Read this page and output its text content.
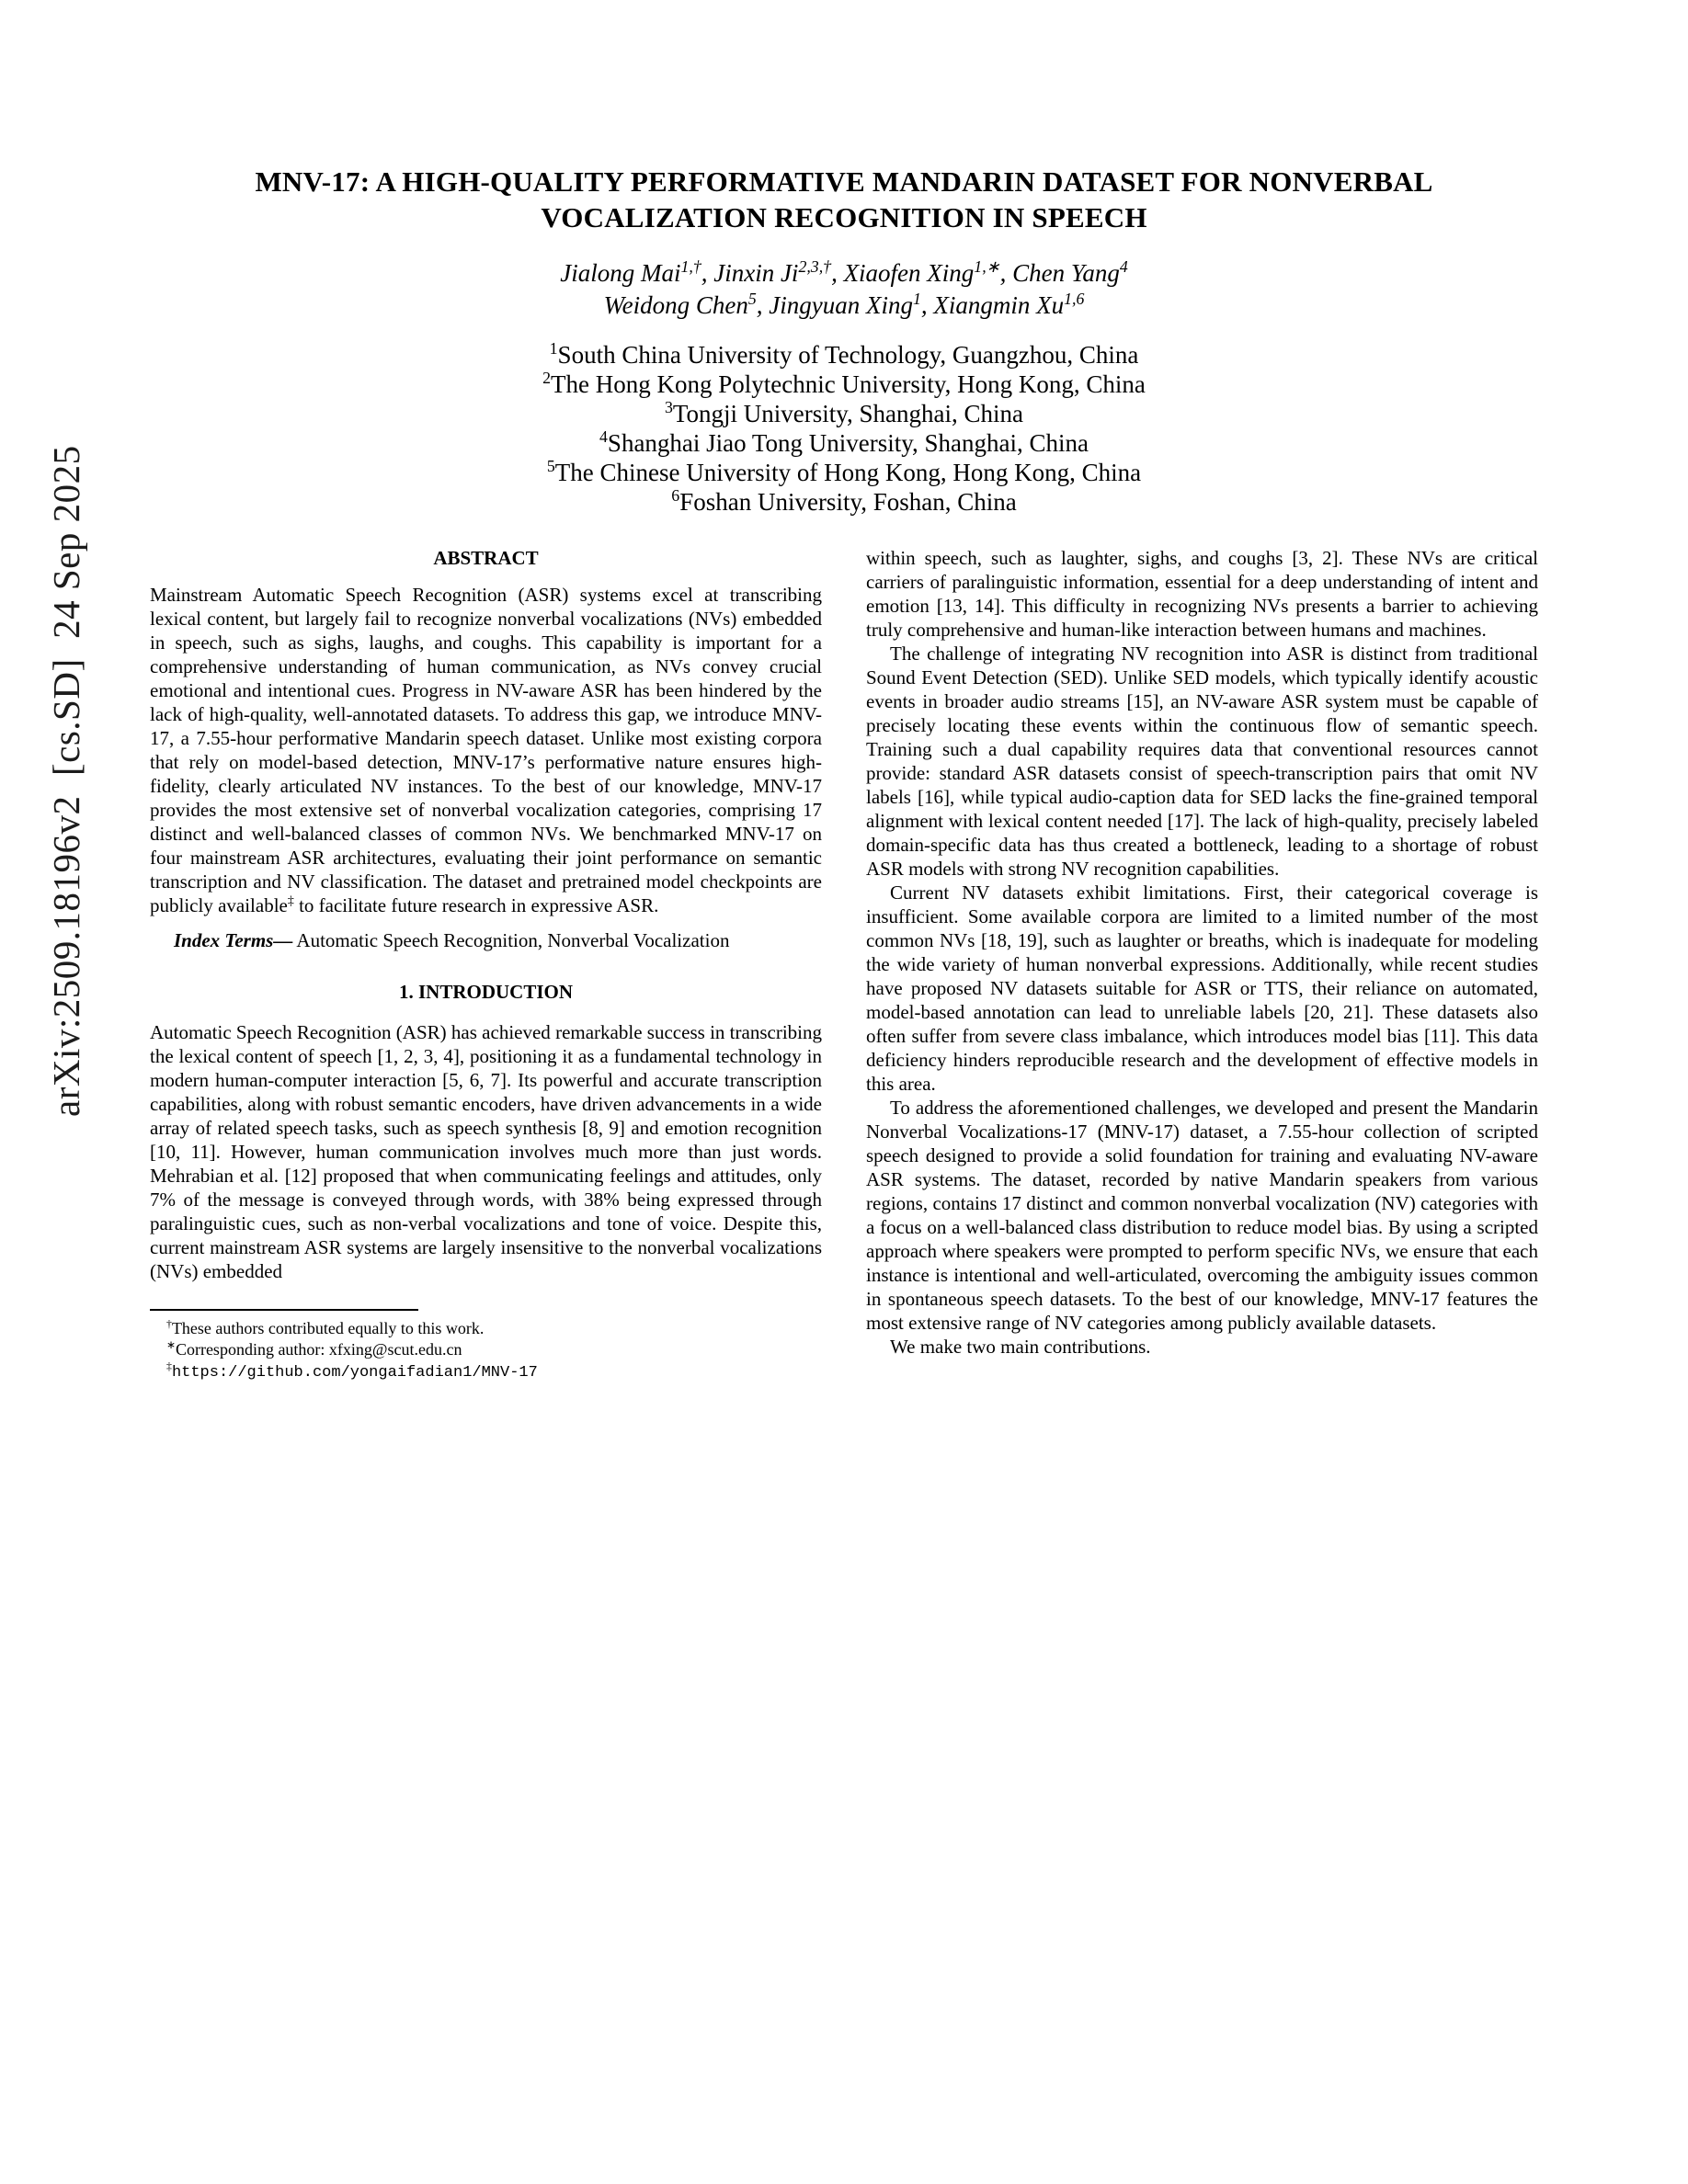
arXiv:2509.18196v2  [cs.SD]  24 Sep 2025
MNV-17: A HIGH-QUALITY PERFORMATIVE MANDARIN DATASET FOR NONVERBAL
VOCALIZATION RECOGNITION IN SPEECH
Jialong Mai$^{1,\dagger}$, Jinxin $Ji^{2,3,\dagger}$, Xiaofen Xing$^{1,∗}$, Chen Yang$^4$
Weidong Chen$^5$, Jingyuan Xing$^1$, Xiangmin Xu$^{1,6}$
$^1$South China University of Technology, Guangzhou, China
$^2$The Hong Kong Polytechnic University, Hong Kong, China
$^3$Tongji University, Shanghai, China
$^4$Shanghai Jiao Tong University, Shanghai, China
$^5$The Chinese University of Hong Kong, Hong Kong, China
$^6$Foshan University, Foshan, China
ABSTRACT

Mainstream Automatic Speech Recognition (ASR) systems excel at transcribing lexical content, but largely fail to recognize nonverbal vocalizations (NVs) embedded in speech, such as sighs, laughs, and coughs. This capability is important for a comprehensive understanding of human communication, as NVs convey crucial emotional and intentional cues. Progress in NV-aware ASR has been hindered by the lack of high-quality, well-annotated datasets. To address this gap, we introduce MNV-17, a 7.55-hour performative Mandarin speech dataset. Unlike most existing corpora that rely on model-based detection, MNV-17’s performative nature ensures high-fidelity, clearly articulated NV instances. To the best of our knowledge, MNV-17 provides the most extensive set of nonverbal vocalization categories, comprising 17 distinct and well-balanced classes of common NVs. We benchmarked MNV-17 on four mainstream ASR architectures, evaluating their joint performance on semantic transcription and NV classification. The dataset and pretrained model checkpoints are publicly available‡ to facilitate future research in expressive ASR.

Index Terms— Automatic Speech Recognition, Nonverbal Vocalization

1. INTRODUCTION

Automatic Speech Recognition (ASR) has achieved remarkable success in transcribing the lexical content of speech [1, 2, 3, 4], positioning it as a fundamental technology in modern human-computer interaction [5, 6, 7]. Its powerful and accurate transcription capabilities, along with robust semantic encoders, have driven advancements in a wide array of related speech tasks, such as speech synthesis [8, 9] and emotion recognition [10, 11]. However, human communication involves much more than just words. Mehrabian et al. [12] proposed that when communicating feelings and attitudes, only 7% of the message is conveyed through words, with 38% being expressed through paralinguistic cues, such as non-verbal vocalizations and tone of voice. Despite this, current mainstream ASR systems are largely insensitive to the nonverbal vocalizations (NVs) embedded

†These authors contributed equally to this work.

∗Corresponding author: xfxing@scut.edu.cn

‡https://github.com/yongaifadian1/MNV-17

within speech, such as laughter, sighs, and coughs [3, 2]. These NVs are critical carriers of paralinguistic information, essential for a deep understanding of intent and emotion [13, 14]. This difficulty in recognizing NVs presents a barrier to achieving truly comprehensive and human-like interaction between humans and machines.

The challenge of integrating NV recognition into ASR is distinct from traditional Sound Event Detection (SED). Unlike SED models, which typically identify acoustic events in broader audio streams [15], an NV-aware ASR system must be capable of precisely locating these events within the continuous flow of semantic speech. Training such a dual capability requires data that conventional resources cannot provide: standard ASR datasets consist of speech-transcription pairs that omit NV labels [16], while typical audio-caption data for SED lacks the fine-grained temporal alignment with lexical content needed [17]. The lack of high-quality, precisely labeled domain-specific data has thus created a bottleneck, leading to a shortage of robust ASR models with strong NV recognition capabilities.

Current NV datasets exhibit limitations. First, their categorical coverage is insufficient. Some available corpora are limited to a limited number of the most common NVs [18, 19], such as laughter or breaths, which is inadequate for modeling the wide variety of human nonverbal expressions. Additionally, while recent studies have proposed NV datasets suitable for ASR or TTS, their reliance on automated, model-based annotation can lead to unreliable labels [20, 21]. These datasets also often suffer from severe class imbalance, which introduces model bias [11]. This data deficiency hinders reproducible research and the development of effective models in this area.

To address the aforementioned challenges, we developed and present the Mandarin Nonverbal Vocalizations-17 (MNV-17) dataset, a 7.55-hour collection of scripted speech designed to provide a solid foundation for training and evaluating NV-aware ASR systems. The dataset, recorded by native Mandarin speakers from various regions, contains 17 distinct and common nonverbal vocalization (NV) categories with a focus on a well-balanced class distribution to reduce model bias. By using a scripted approach where speakers were prompted to perform specific NVs, we ensure that each instance is intentional and well-articulated, overcoming the ambiguity issues common in spontaneous speech datasets. To the best of our knowledge, MNV-17 features the most extensive range of NV categories among publicly available datasets.

We make two main contributions.
